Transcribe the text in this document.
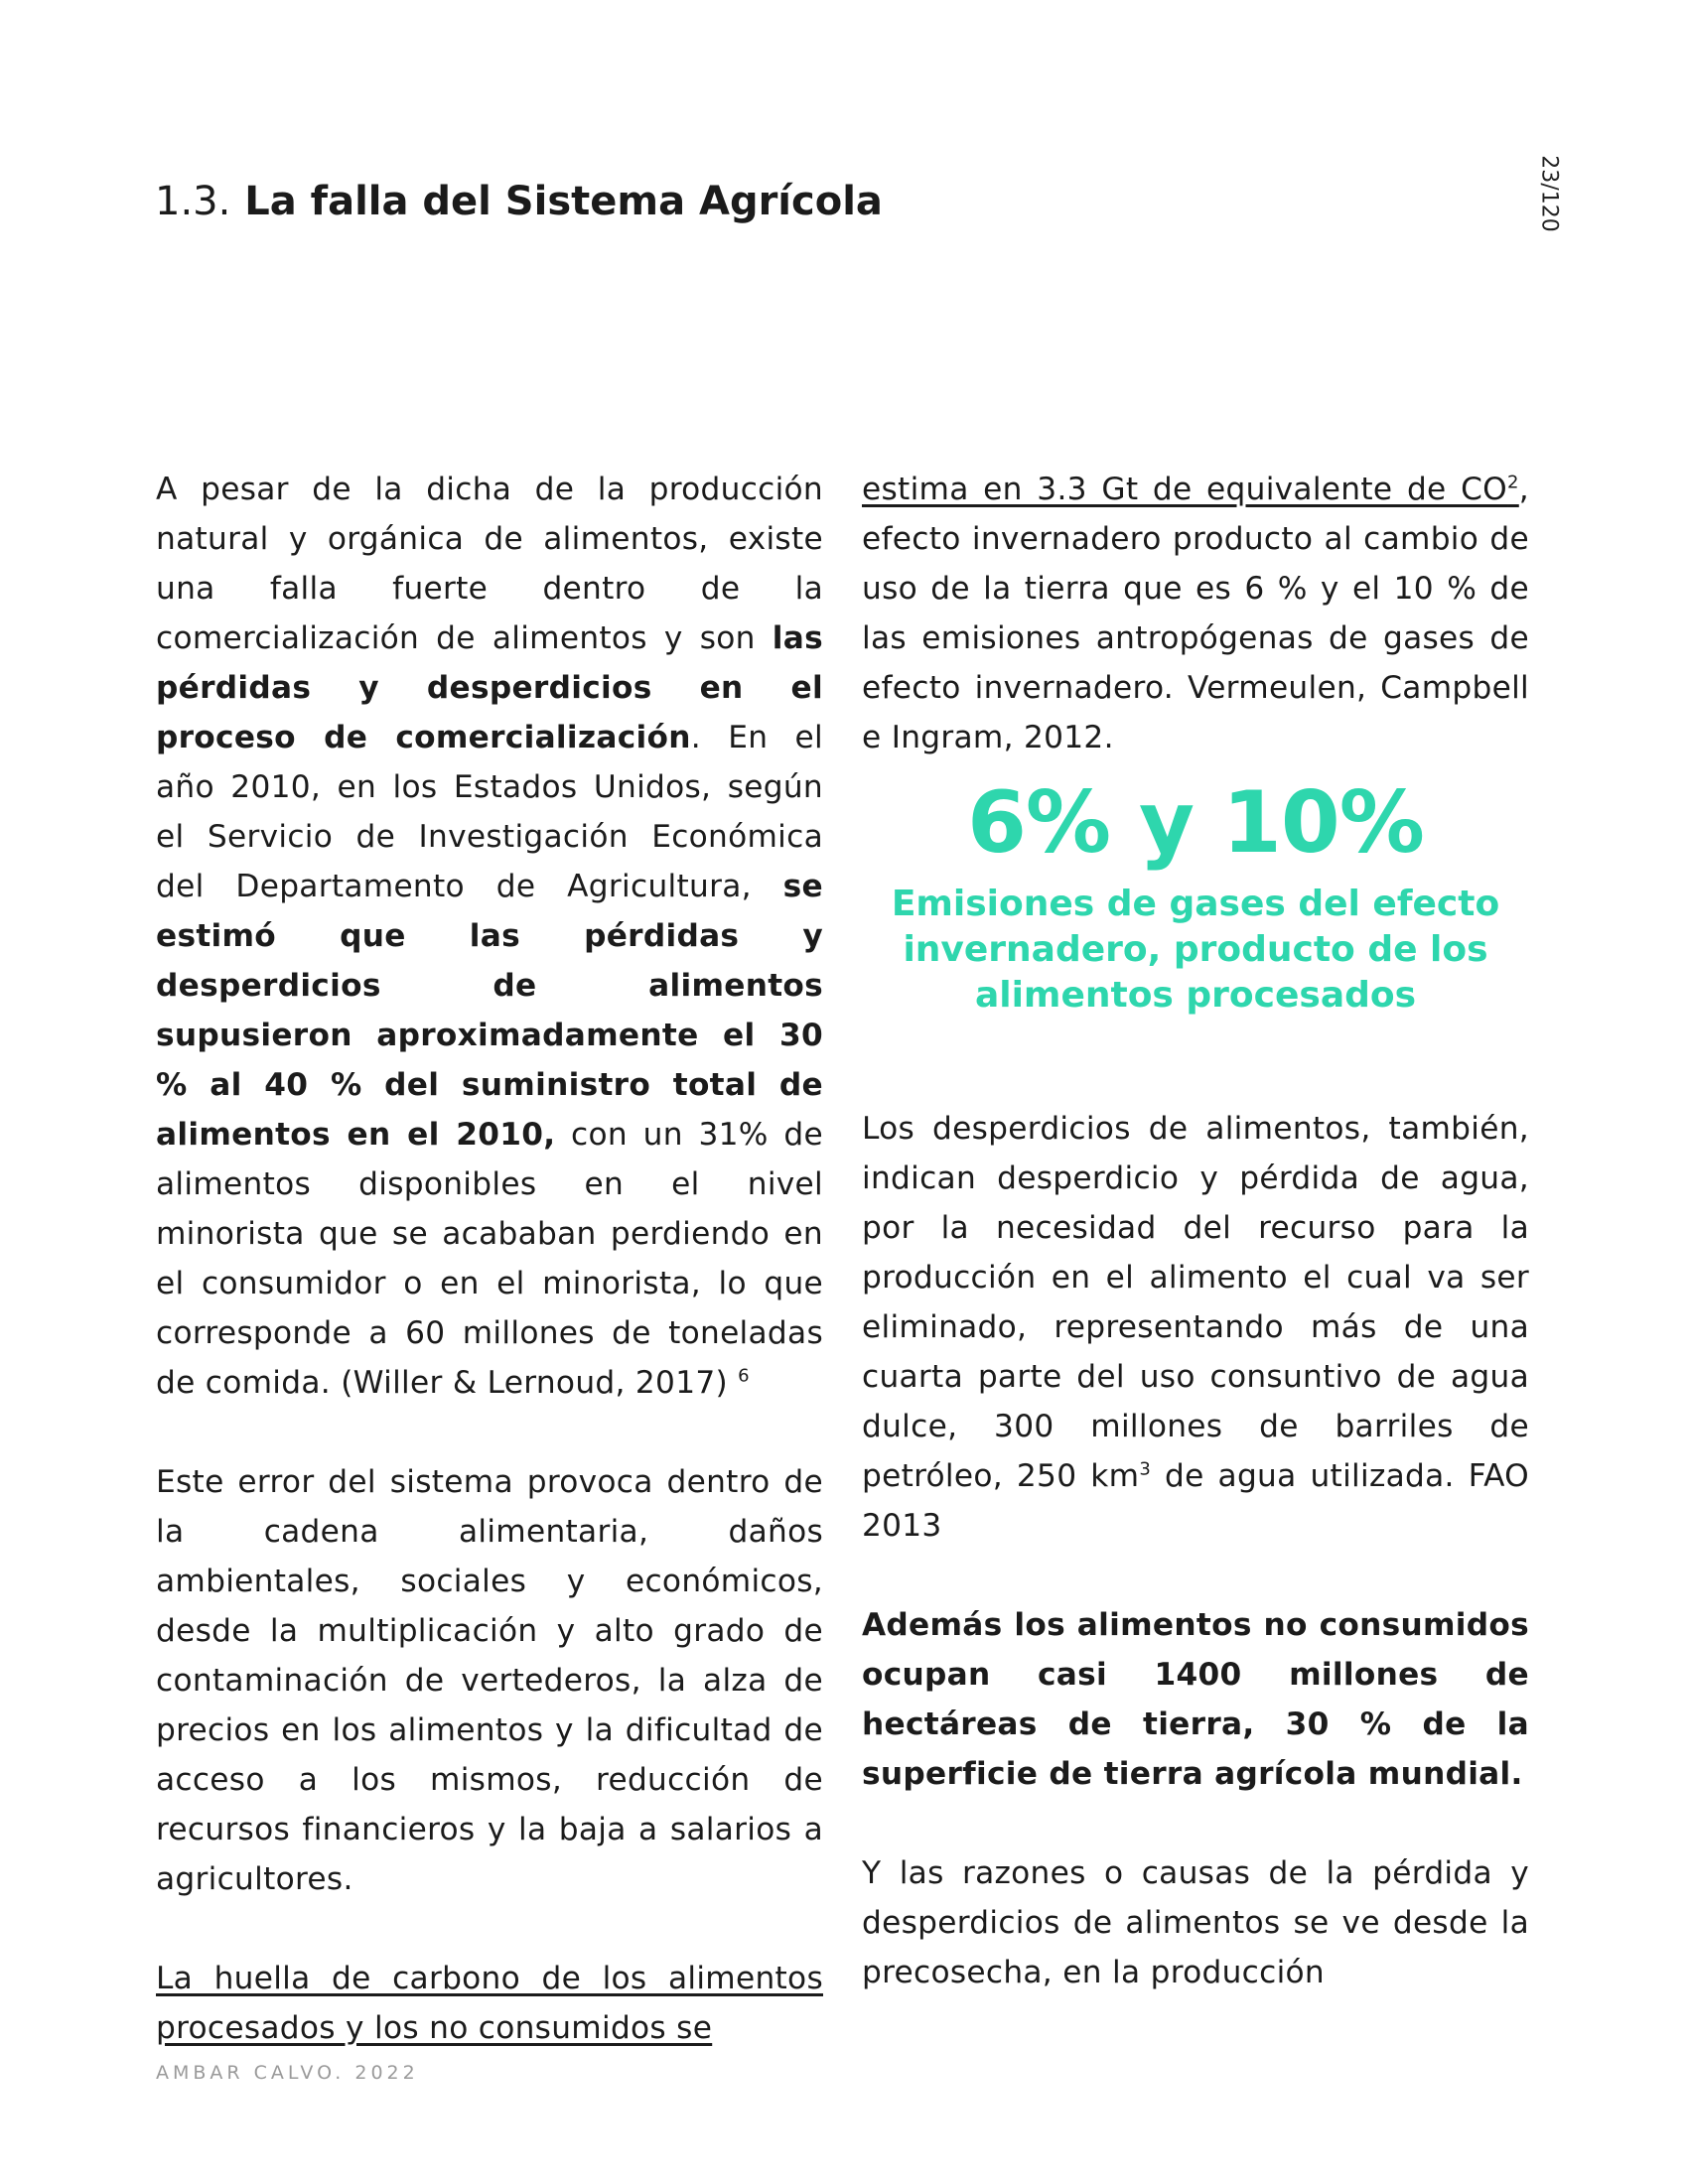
1.3. La falla del Sistema Agrícola	23/120

A pesar de la dicha de la producción natural y orgánica de alimentos, existe una falla fuerte dentro de la comercialización de alimentos y son las pérdidas y desperdicios en el proceso de comercialización. En el año 2010, en los Estados Unidos, según el Servicio de Investigación Económica del Departamento de Agricultura, se estimó que las pérdidas y desperdicios de alimentos supusieron aproximadamente el 30 % al 40 % del suministro total de alimentos en el 2010, con un 31% de alimentos disponibles en el nivel minorista que se acababan perdiendo en el consumidor o en el minorista, lo que corresponde a 60 millones de toneladas de comida. (Willer & Lernoud, 2017) $^6$

Este error del sistema provoca dentro de la cadena alimentaria, daños ambientales, sociales y económicos, desde la multiplicación y alto grado de contaminación de vertederos, la alza de precios en los alimentos y la dificultad de acceso a los mismos, reducción de recursos financieros y la baja a salarios a agricultores.

La huella de carbono de los alimentos procesados y los no consumidos se

estima en 3.3 Gt de equivalente de $CO^2$, efecto invernadero producto al cambio de uso de la tierra que es 6 % y el 10 % de las emisiones antropógenas de gases de efecto invernadero. Vermeulen, Campbell e Ingram, 2012.

6% y 10%
Emisiones de gases del efecto invernadero, producto de los alimentos procesados

Los desperdicios de alimentos, también, indican desperdicio y pérdida de agua, por la necesidad del recurso para la producción en el alimento el cual va ser eliminado, representando más de una cuarta parte del uso consuntivo de agua dulce, 300 millones de barriles de petróleo, 250 $km^3$ de agua utilizada. FAO 2013

Además los alimentos no consumidos ocupan casi 1400 millones de hectáreas de tierra, 30 % de la superficie de tierra agrícola mundial.

Y las razones o causas de la pérdida y desperdicios de alimentos se ve desde la precosecha, en la producción

AMBAR CALVO. 2022
